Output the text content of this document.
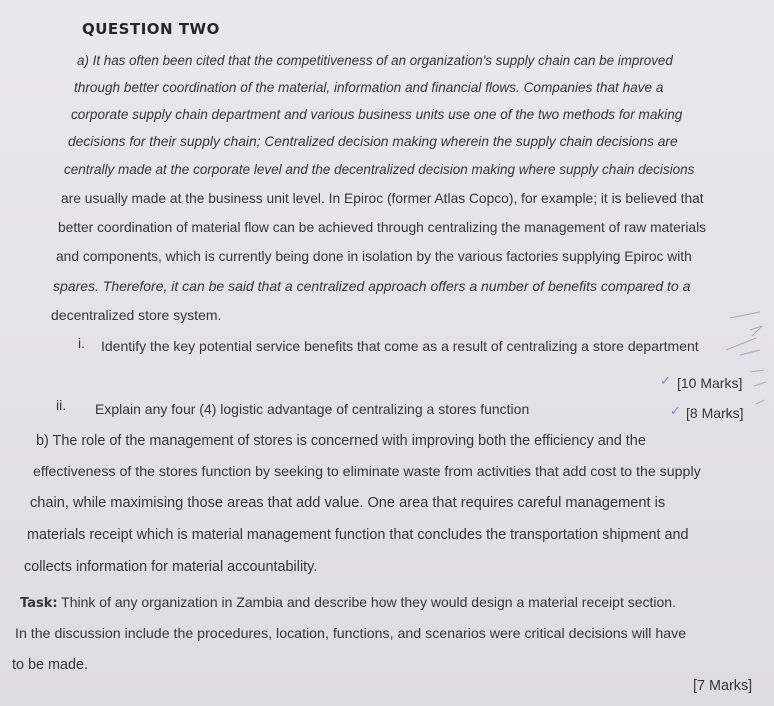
QUESTION TWO
a) It has often been cited that the competitiveness of an organization's supply chain can be improved
through better coordination of the material, information and financial flows. Companies that have a
corporate supply chain department and various business units use one of the two methods for making
decisions for their supply chain; Centralized decision making wherein the supply chain decisions are
centrally made at the corporate level and the decentralized decision making where supply chain decisions
are usually made at the business unit level. In Epiroc (former Atlas Copco), for example; it is believed that
better coordination of material flow can be achieved through centralizing the management of raw materials
and components, which is currently being done in isolation by the various factories supplying Epiroc with
spares. Therefore, it can be said that a centralized approach offers a number of benefits compared to a
decentralized store system.
i. Identify the key potential service benefits that come as a result of centralizing a store department
✓ [10 Marks]
ii. Explain any four (4) logistic advantage of centralizing a stores function	✓ [8 Marks]
b) The role of the management of stores is concerned with improving both the efficiency and the
effectiveness of the stores function by seeking to eliminate waste from activities that add cost to the supply
chain, while maximising those areas that add value. One area that requires careful management is
materials receipt which is material management function that concludes the transportation shipment and
collects information for material accountability.
Task: Think of any organization in Zambia and describe how they would design a material receipt section.
In the discussion include the procedures, location, functions, and scenarios were critical decisions will have
to be made.
[7 Marks]
